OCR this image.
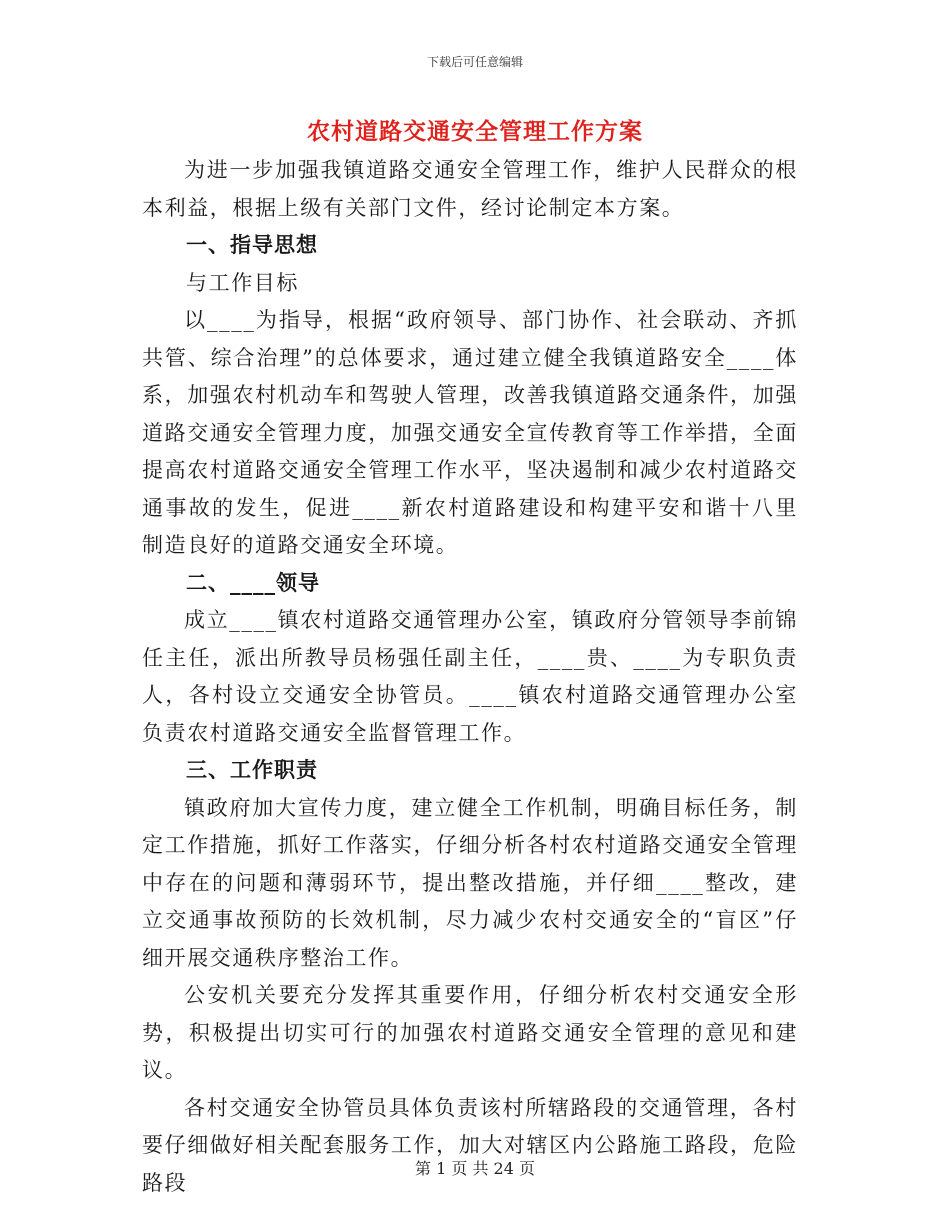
下载后可任意编辑
农村道路交通安全管理工作方案

为进一步加强我镇道路交通安全管理工作，维护人民群众的根本利益，根据上级有关部门文件，经讨论制定本方案。

一、指导思想

与工作目标

以____为指导，根据“政府领导、部门协作、社会联动、齐抓共管、综合治理”的总体要求，通过建立健全我镇道路安全____体系，加强农村机动车和驾驶人管理，改善我镇道路交通条件，加强道路交通安全管理力度，加强交通安全宣传教育等工作举措，全面提高农村道路交通安全管理工作水平，坚决遏制和减少农村道路交通事故的发生，促进____新农村道路建设和构建平安和谐十八里制造良好的道路交通安全环境。

二、____领导

成立____镇农村道路交通管理办公室，镇政府分管领导李前锦任主任，派出所教导员杨强任副主任，____贵、____为专职负责人，各村设立交通安全协管员。____镇农村道路交通管理办公室负责农村道路交通安全监督管理工作。

三、工作职责

镇政府加大宣传力度，建立健全工作机制，明确目标任务，制定工作措施，抓好工作落实，仔细分析各村农村道路交通安全管理中存在的问题和薄弱环节，提出整改措施，并仔细____整改，建立交通事故预防的长效机制，尽力减少农村交通安全的“盲区”仔细开展交通秩序整治工作。

公安机关要充分发挥其重要作用，仔细分析农村交通安全形势，积极提出切实可行的加强农村道路交通安全管理的意见和建议。

各村交通安全协管员具体负责该村所辖路段的交通管理，各村要仔细做好相关配套服务工作，加大对辖区内公路施工路段，危险路段

第 1 页 共 24 页
